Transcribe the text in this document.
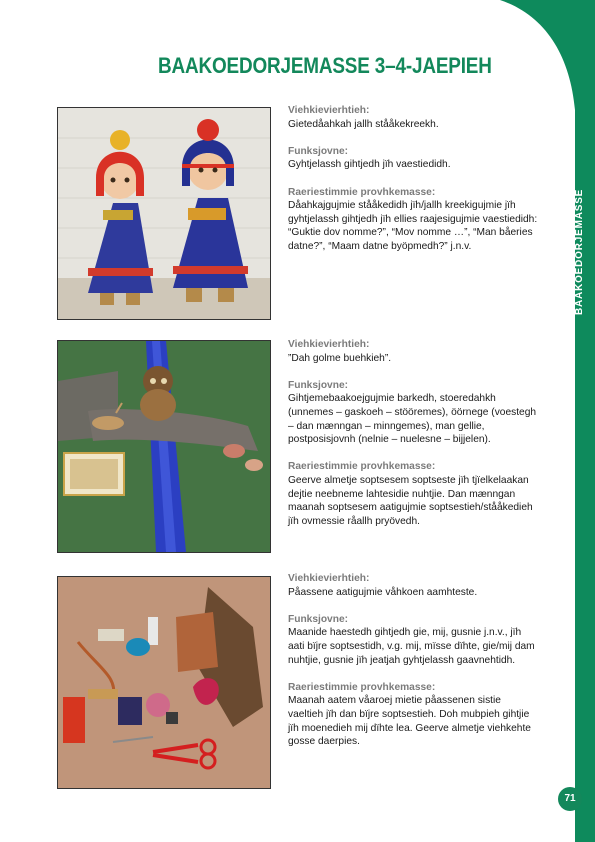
BAAKOEDORJEMASSE
BAAKOEDORJEMASSE 3–4-JAEPIEH
Viehkievierhtieh:
Gietedåahkah jallh stååkekreekh.
Funksjovne:
Gyhtjelassh gihtjedh jïh vaestiedidh.
Raeriestimmie provhkemasse:
Dåahkajgujmie stååkedidh jïh/jallh kreekigujmie jïh gyhtjelassh gihtjedh jïh ellies raajesigujmie vaestiedidh: “Guktie dov nomme?”, “Mov nomme …”, “Man båeries datne?”, “Maam datne byöpmedh?” j.n.v.
Viehkievierhtieh:
”Dah golme buehkieh”.
Funksjovne:
Gihtjemebaakoejgujmie barkedh, stoeredahkh (unnemes – gaskoeh – stööremes), öörnege (voestegh – dan mænngan – minngemes), man gellie, postposisjovnh (nelnie – nuelesne – bijjelen).
Raeriestimmie provhkemasse:
Geerve almetje soptsesem soptseste jïh tjïelkelaakan dejtie neebneme lahtesidie nuhtjie. Dan mænngan maanah soptsesem aatigujmie soptsestieh/stååkedieh jïh ovmessie råallh pryövedh.
Viehkievierhtieh:
Påassene aatigujmie våhkoen aamhteste.
Funksjovne:
Maanide haestedh gihtjedh gie, mij, gusnie j.n.v., jïh aati bïjre soptsestidh, v.g. mij, mïsse dïhte, gie/mij dam nuhtjie, gusnie jïh jeatjah gyhtjelassh gaavnehtidh.
Raeriestimmie provhkemasse:
Maanah aatem våaroej mietie påassenen sistie vaeltieh jïh dan bïjre soptsestieh. Doh mubpieh gihtjie jïh moenedieh mij dïhte lea. Geerve almetje viehkehte gosse daerpies.
71
